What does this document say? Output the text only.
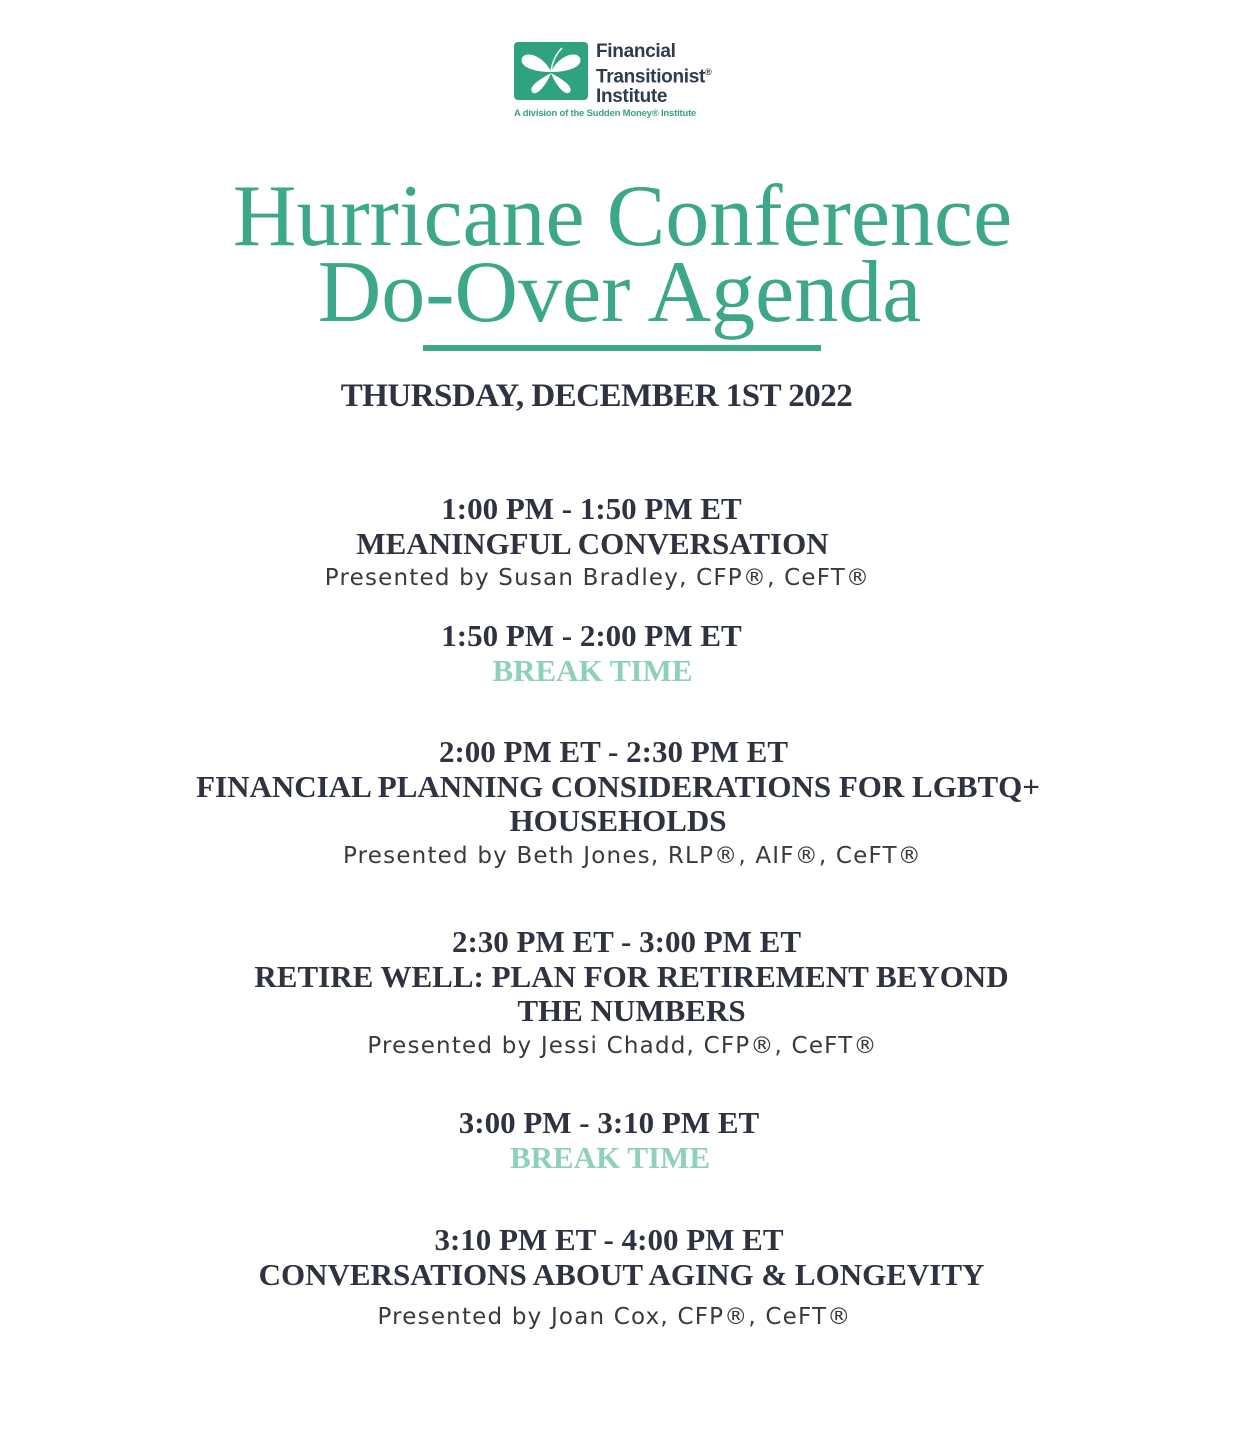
Financial
Transitionist®
Institute
A division of the Sudden Money® Institute
Hurricane Conference
Do-Over Agenda
THURSDAY, DECEMBER 1ST 2022
1:00 PM - 1:50 PM ET
MEANINGFUL CONVERSATION
Presented by Susan Bradley, CFP®, CeFT®
1:50 PM - 2:00 PM ET
BREAK TIME
2:00 PM ET - 2:30 PM ET
FINANCIAL PLANNING CONSIDERATIONS FOR LGBTQ+
HOUSEHOLDS
Presented by Beth Jones, RLP®, AIF®, CeFT®
2:30 PM ET - 3:00 PM ET
RETIRE WELL: PLAN FOR RETIREMENT BEYOND
THE NUMBERS
Presented by Jessi Chadd, CFP®, CeFT®
3:00 PM - 3:10 PM ET
BREAK TIME
3:10 PM ET - 4:00 PM ET
CONVERSATIONS ABOUT AGING & LONGEVITY
Presented by Joan Cox, CFP®, CeFT®
